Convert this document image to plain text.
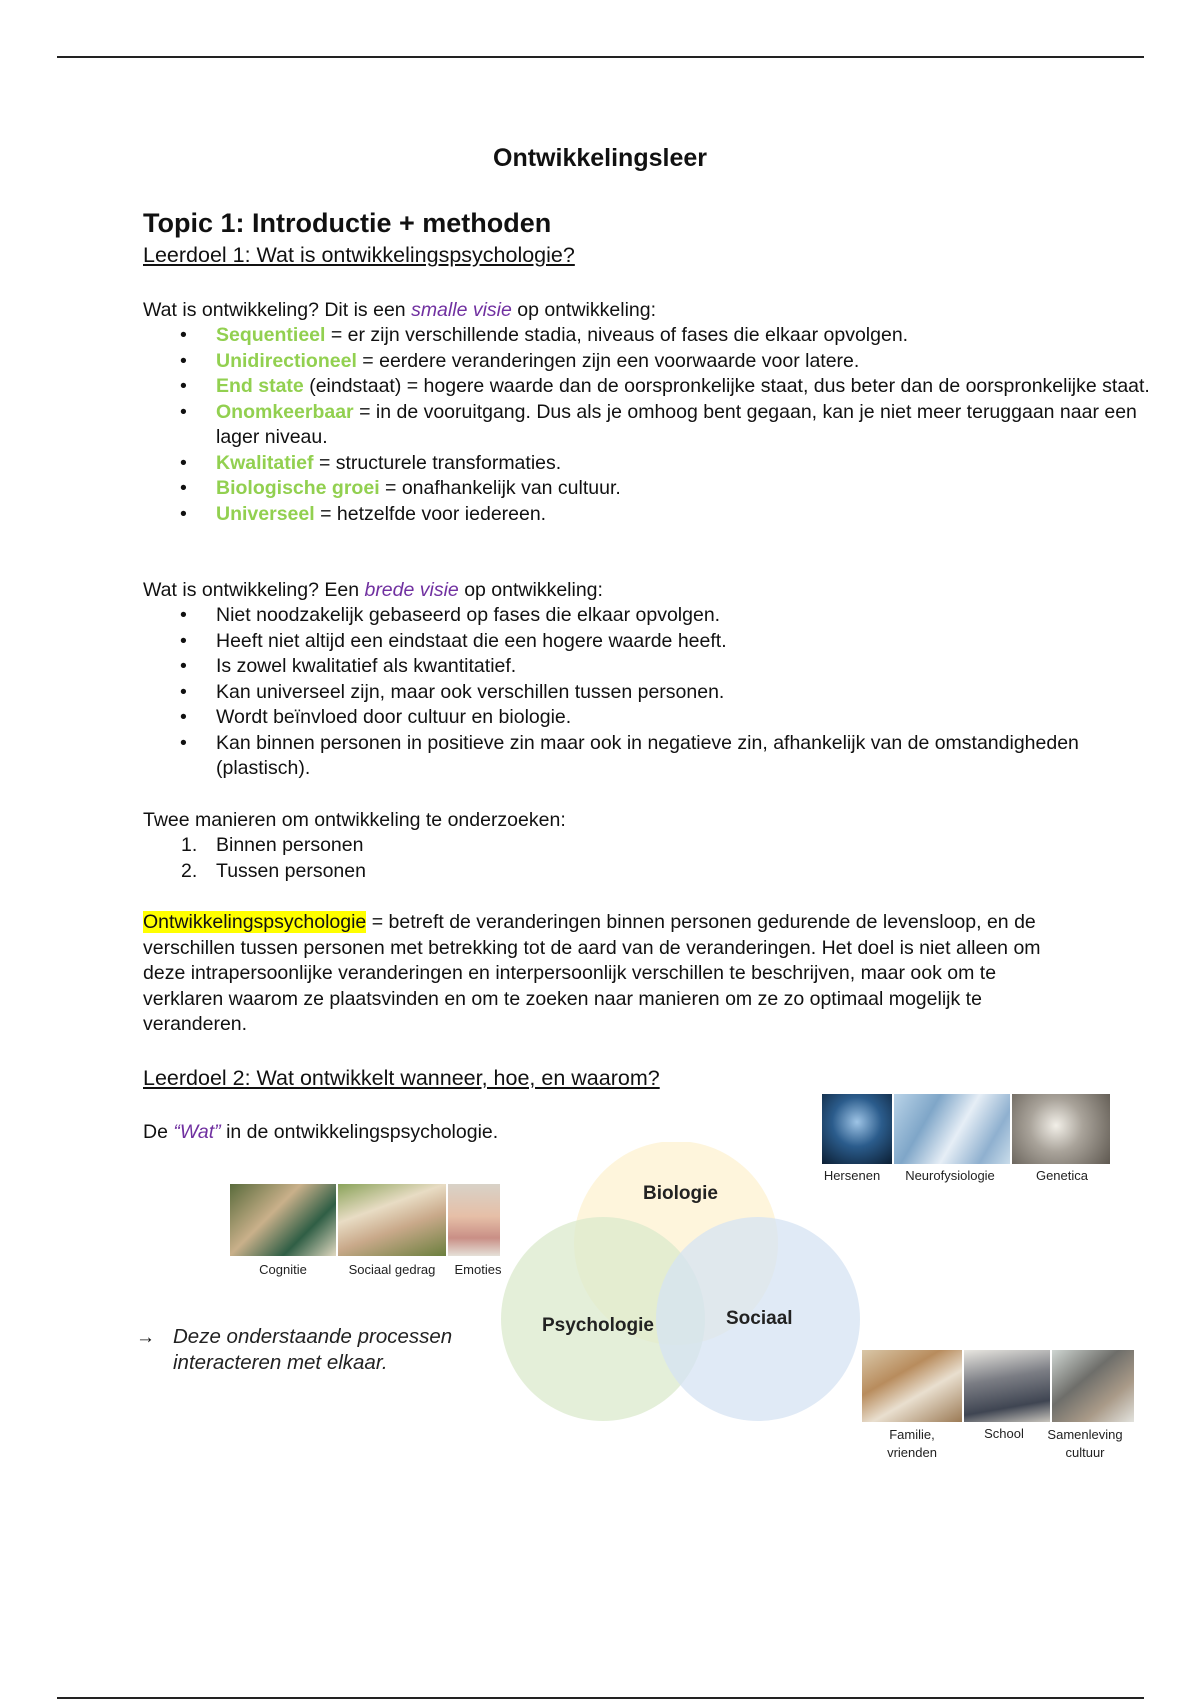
Ontwikkelingsleer
Topic 1: Introductie + methoden
Leerdoel 1: Wat is ontwikkelingspsychologie?
Wat is ontwikkeling? Dit is een smalle visie op ontwikkeling:
• Sequentieel = er zijn verschillende stadia, niveaus of fases die elkaar opvolgen.
• Unidirectioneel = eerdere veranderingen zijn een voorwaarde voor latere.
• End state (eindstaat) = hogere waarde dan de oorspronkelijke staat, dus beter dan de oorspronkelijke staat.
• Onomkeerbaar = in de vooruitgang. Dus als je omhoog bent gegaan, kan je niet meer teruggaan naar een lager niveau.
• Kwalitatief = structurele transformaties.
• Biologische groei = onafhankelijk van cultuur.
• Universeel = hetzelfde voor iedereen.
Wat is ontwikkeling? Een brede visie op ontwikkeling:
• Niet noodzakelijk gebaseerd op fases die elkaar opvolgen.
• Heeft niet altijd een eindstaat die een hogere waarde heeft.
• Is zowel kwalitatief als kwantitatief.
• Kan universeel zijn, maar ook verschillen tussen personen.
• Wordt beïnvloed door cultuur en biologie.
• Kan binnen personen in positieve zin maar ook in negatieve zin, afhankelijk van de omstandigheden (plastisch).
Twee manieren om ontwikkeling te onderzoeken:
1. Binnen personen
2. Tussen personen
Ontwikkelingspsychologie = betreft de veranderingen binnen personen gedurende de levensloop, en de verschillen tussen personen met betrekking tot de aard van de veranderingen. Het doel is niet alleen om deze intrapersoonlijke veranderingen en interpersoonlijk verschillen te beschrijven, maar ook om te verklaren waarom ze plaatsvinden en om te zoeken naar manieren om ze zo optimaal mogelijk te veranderen.
Leerdoel 2: Wat ontwikkelt wanneer, hoe, en waarom?
De “Wat” in de ontwikkelingspsychologie.
Cognitie	Sociaal gedrag	Emoties
Hersenen	Neurofysiologie	Genetica
Biologie
Psychologie	Sociaal
→ Deze onderstaande processen interacteren met elkaar.
Familie, vrienden
School	Samenleving cultuur
